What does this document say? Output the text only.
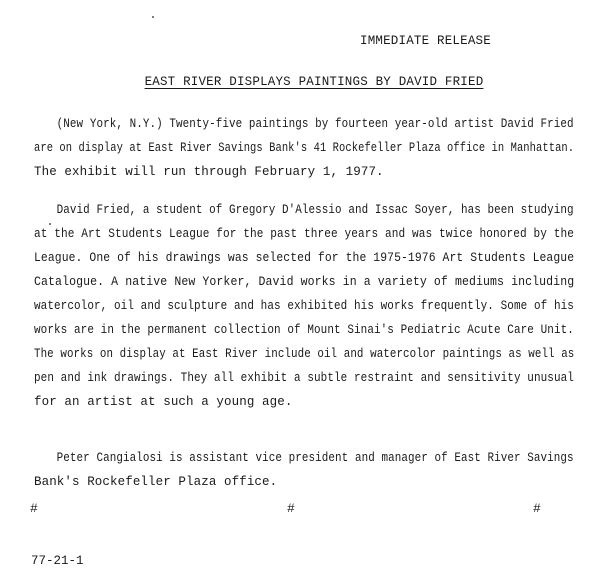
IMMEDIATE RELEASE
EAST RIVER DISPLAYS PAINTINGS BY DAVID FRIED
(New York, N.Y.) Twenty-five paintings by fourteen year-old artist David Fried
are on display at East River Savings Bank's 41 Rockefeller Plaza office in Manhattan.
The exhibit will run through February 1, 1977.
David Fried, a student of Gregory D'Alessio and Issac Soyer, has been studying
at the Art Students League for the past three years and was twice honored by the
League. One of his drawings was selected for the 1975-1976 Art Students League
Catalogue. A native New Yorker, David works in a variety of mediums including
watercolor, oil and sculpture and has exhibited his works frequently. Some of his
works are in the permanent collection of Mount Sinai's Pediatric Acute Care Unit.
The works on display at East River include oil and watercolor paintings as well as
pen and ink drawings. They all exhibit a subtle restraint and sensitivity unusual
for an artist at such a young age.
Peter Cangialosi is assistant vice president and manager of East River Savings
Bank's Rockefeller Plaza office.
#	#	#
77-21-1
